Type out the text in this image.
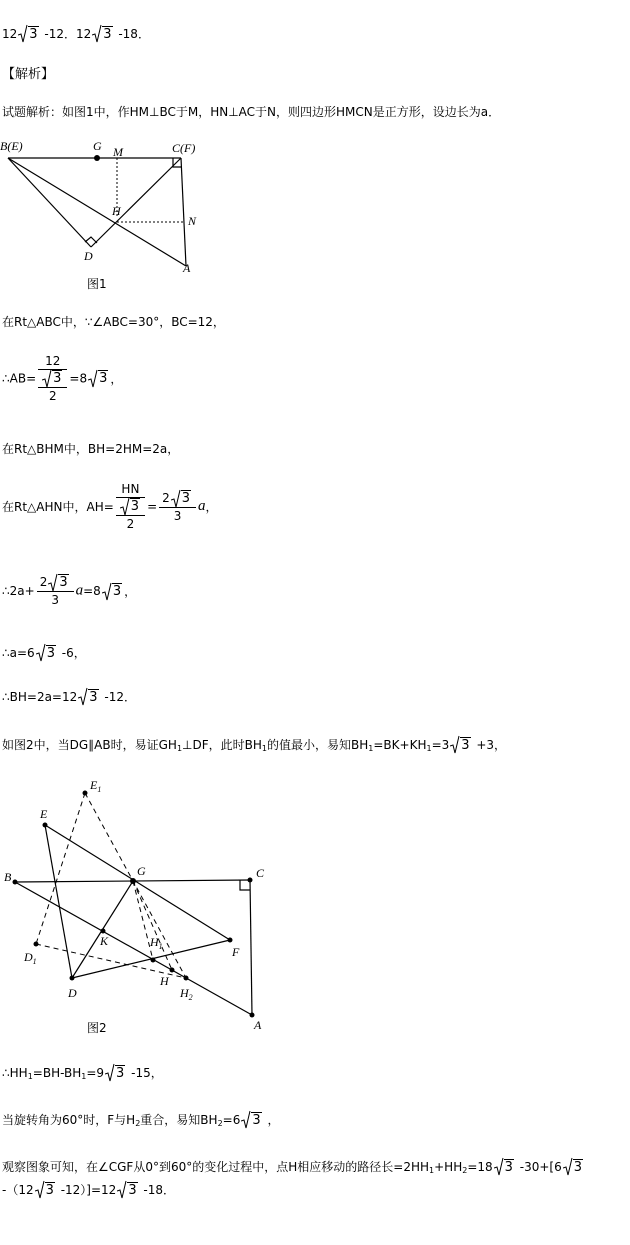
12 3 -12．12 3 -18．
【解析】
试题解析：如图1中，作HM⊥BC于M，HN⊥AC于N，则四边形HMCN是正方形，设边长为a．
B(E)	G M	C(F)
H
N
D
A
图1
在Rt△ABC中，∵∠ABC=30°，BC=12，
∴AB= $\frac{12}{\frac{3}{2}} =8$ 3 ，
在Rt△BHM中，BH=2HM=2a，
在Rt△AHN中，$AH= \frac{HN}{\frac{3}{2}} = \frac{2 3}{3}$ a，
∴2a+ $\frac{2 3}{3} a=8$ 3 ，
∴a=6 3 -6，
∴BH=2a=12 3 -12．
如图2中，当DG∥AB时，易证$GH_1\perp DF$，此时$BH_1$的值最小，易知$BH_1=BK+KH_1=3$ 3 +3，
$E_1$
E
B	G	C
K	$H_1$
$D_1$
F
H
D	$H_2$
A
图2
$\therefore HH_1=BH-BH_1=9$ 3 -15，
当旋转角为60°时，F与$H_2$重合，易知$BH_2=6$ 3 ，
观察图象可知，在∠CGF从0°到60°的变化过程中，点H相应移动的路径长$=2HH_1+HH_2=18$ 3 -30+[6 3
-（12 3 -12）]=12 3 -18．
